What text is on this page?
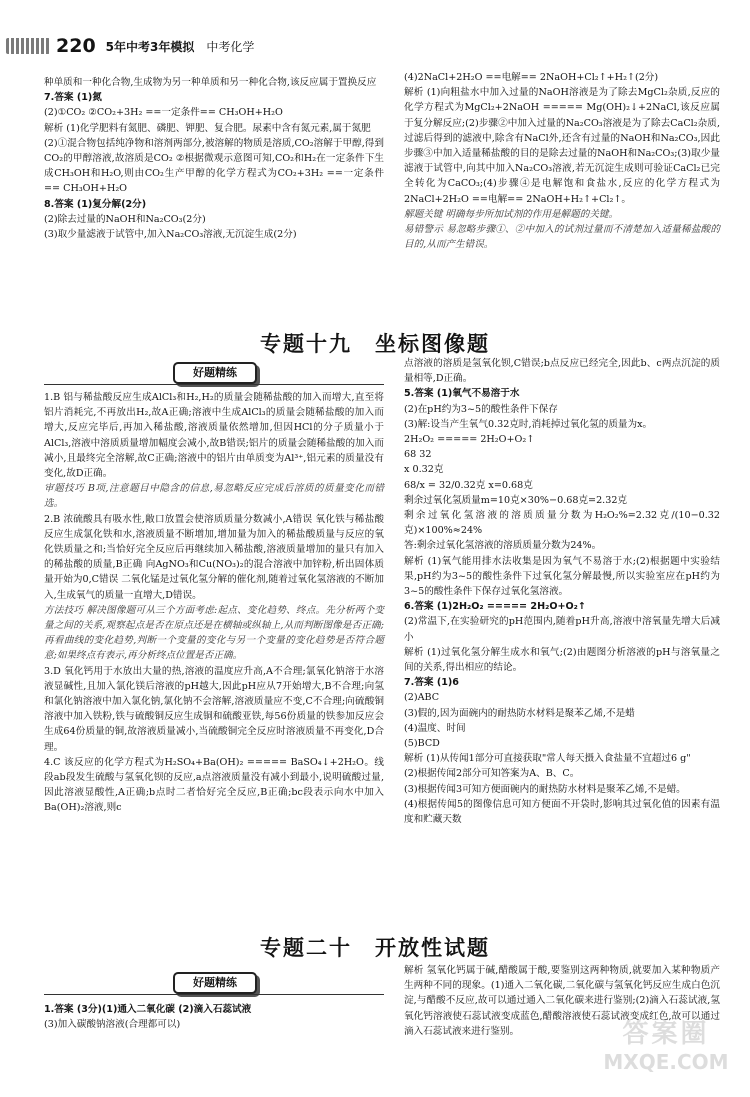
220 5年中考3年模拟 中考化学

种单质和一种化合物,生成物为另一种单质和另一种化合物,该反应属于置换反应

7.答案 (1)氮

(2)①CO₂ ②CO₂+3H₂ ==一定条件== CH₃OH+H₂O

解析 (1)化学肥料有氮肥、磷肥、钾肥、复合肥。尿素中含有氮元素,属于氮肥

(2)①混合物包括纯净物和溶剂两部分,被溶解的物质是溶质,CO₂溶解于甲醇,得到CO₂的甲醇溶液,故溶质是CO₂ ②根据微观示意图可知,CO₂和H₂在一定条件下生成CH₃OH和H₂O,则由CO₂生产甲醇的化学方程式为CO₂+3H₂ ==一定条件== CH₃OH+H₂O

8.答案 (1)复分解(2分)

(2)除去过量的NaOH和Na₂CO₃(2分)

(3)取少量滤液于试管中,加入Na₂CO₃溶液,无沉淀生成(2分)

(4)2NaCl+2H₂O ==电解== 2NaOH+Cl₂↑+H₂↑(2分)

解析 (1)向粗盐水中加入过量的NaOH溶液是为了除去MgCl₂杂质,反应的化学方程式为MgCl₂+2NaOH ===== Mg(OH)₂↓+2NaCl,该反应属于复分解反应;(2)步骤②中加入过量的Na₂CO₃溶液是为了除去CaCl₂杂质,过滤后得到的滤液中,除含有NaCl外,还含有过量的NaOH和Na₂CO₃,因此步骤③中加入适量稀盐酸的目的是除去过量的NaOH和Na₂CO₃;(3)取少量滤液于试管中,向其中加入Na₂CO₃溶液,若无沉淀生成则可验证CaCl₂已完全转化为CaCO₃;(4)步骤④是电解饱和食盐水,反应的化学方程式为2NaCl+2H₂O ==电解== 2NaOH+H₂↑+Cl₂↑。

解题关键 明确每步所加试剂的作用是解题的关键。

易错警示 易忽略步骤①、②中加入的试剂过量而不清楚加入适量稀盐酸的目的,从而产生错误。

专题十九　坐标图像题
好题精练

1.B 铝与稀盐酸反应生成AlCl₃和H₂,H₂的质量会随稀盐酸的加入而增大,直至将铝片消耗完,不再放出H₂,故A正确;溶液中生成AlCl₃的质量会随稀盐酸的加入而增大,反应完毕后,再加入稀盐酸,溶液质量依然增加,但因HCl的分子质量小于AlCl₃,溶液中溶质质量增加幅度会减小,故B错误;铝片的质量会随稀盐酸的加入而减小,且最终完全溶解,故C正确;溶液中的铝片由单质变为Al³⁺,铝元素的质量没有变化,故D正确。

审题技巧 B项,注意题目中隐含的信息,易忽略反应完成后溶质的质量变化而错选。

2.B 浓硫酸具有吸水性,敞口放置会使溶质质量分数减小,A错误 氧化铁与稀盐酸反应生成氯化铁和水,溶液质量不断增加,增加量为加入的稀盐酸质量与反应的氧化铁质量之和;当恰好完全反应后再继续加入稀盐酸,溶液质量增加的量只有加入的稀盐酸的质量,B正确 向AgNO₃和Cu(NO₃)₂的混合溶液中加锌粉,析出固体质量开始为0,C错误 二氧化锰是过氧化氢分解的催化剂,随着过氧化氢溶液的不断加入,生成氧气的质量一直增大,D错误。

方法技巧 解决图像题可从三个方面考虑:起点、变化趋势、终点。先分析两个变量之间的关系,观察起点是否在原点还是在横轴或纵轴上,从而判断图像是否正确;再看曲线的变化趋势,判断一个变量的变化与另一个变量的变化趋势是否符合题意;如果终点有表示,再分析终点位置是否正确。

3.D 氧化钙用于水放出大量的热,溶液的温度应升高,A不合理;氯氧化钠溶于水溶液显碱性,且加入氯化镁后溶液的pH越大,因此pH应从7开始增大,B不合理;向氢和氯化钠溶液中加入氯化钠,氯化钠不会溶解,溶液质量应不变,C不合理;向硫酸铜溶液中加入铁粉,铁与硫酸铜反应生成铜和硫酸亚铁,每56份质量的铁参加反应会生成64份质量的铜,故溶液质量减小,当硫酸铜完全反应时溶液质量不再变化,D合理。

4.C 该反应的化学方程式为H₂SO₄+Ba(OH)₂ ===== BaSO₄↓+2H₂O。线段ab段发生硫酸与氢氧化钡的反应,a点溶液质量没有减小到最小,说明硫酸过量,因此溶液显酸性,A正确;b点时二者恰好完全反应,B正确;bc段表示向水中加入Ba(OH)₂溶液,则c

点溶液的溶质是氢氧化钡,C错误;b点反应已经完全,因此b、c两点沉淀的质量相等,D正确。

5.答案 (1)氧气不易溶于水

(2)在pH约为3~5的酸性条件下保存

(3)解:设当产生氧气0.32克时,消耗掉过氧化氢的质量为x。

2H₂O₂ ===== 2H₂O+O₂↑

68 32

x 0.32克

68/x = 32/0.32克 x=0.68克

剩余过氧化氢质量m=10克×30%−0.68克=2.32克

剩余过氧化氢溶液的溶质质量分数为H₂O₂%=2.32克/(10−0.32克)×100%≈24%

答:剩余过氧化氢溶液的溶质质量分数为24%。

解析 (1)氧气能用排水法收集是因为氧气不易溶于水;(2)根据题中实验结果,pH约为3~5的酸性条件下过氧化氢分解最慢,所以实验室应在pH约为3~5的酸性条件下保存过氧化氢溶液。

6.答案 (1)2H₂O₂ ===== 2H₂O+O₂↑

(2)常温下,在实验研究的pH范围内,随着pH升高,溶液中溶氧量先增大后减小

解析 (1)过氧化氢分解生成水和氧气;(2)由题图分析溶液的pH与溶氧量之间的关系,得出相应的结论。

7.答案 (1)6

(2)ABC

(3)假的,因为面碗内的耐热防水材料是聚苯乙烯,不是蜡

(4)温度、时间

(5)BCD

解析 (1)从传闻1部分可直接获取"常人每天摄入食盐量不宜超过6 g"

(2)根据传闻2部分可知答案为A、B、C。

(3)根据传闻3可知方便面碗内的耐热防水材料是聚苯乙烯,不是蜡。

(4)根据传闻5的图像信息可知方便面不开袋时,影响其过氧化值的因素有温度和贮藏天数

专题二十　开放性试题
好题精练

1.答案 (3分)(1)通入二氧化碳 (2)滴入石蕊试液

(3)加入碳酸钠溶液(合理都可以)

解析 氢氧化钙属于碱,醋酸属于酸,要鉴别这两种物质,就要加入某种物质产生两种不同的现象。(1)通入二氧化碳,二氧化碳与氢氧化钙反应生成白色沉淀,与醋酸不反应,故可以通过通入二氧化碳来进行鉴别;(2)滴入石蕊试液,氢氧化钙溶液使石蕊试液变成蓝色,醋酸溶液使石蕊试液变成红色,故可以通过滴入石蕊试液来进行鉴别。	答案圈
MXQE.COM
